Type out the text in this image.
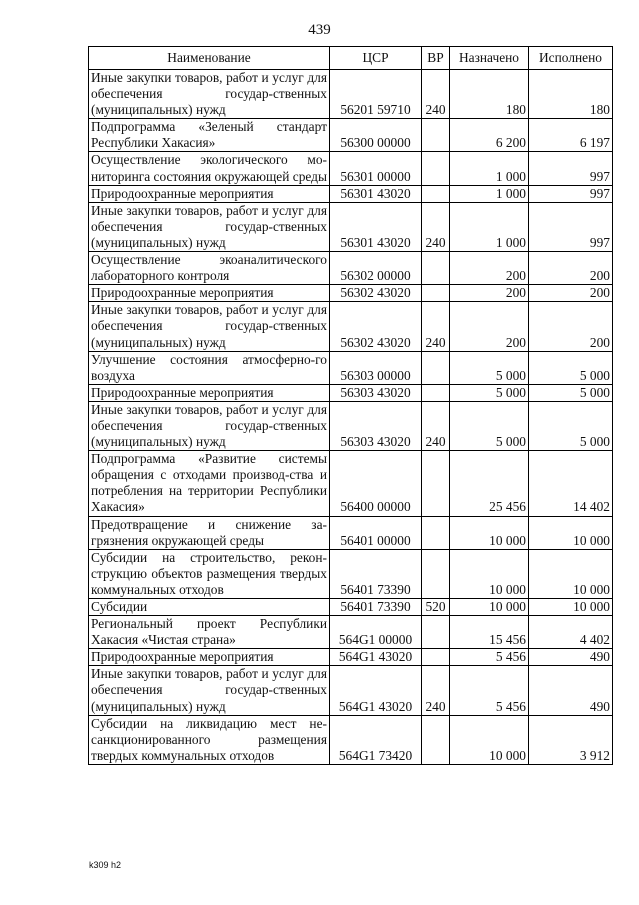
439
Наименование	ЦСР	ВР	Назначено	Исполнено
Иные закупки товаров, работ и услуг для обеспечения государ-ственных (муниципальных) нужд	56201 59710	240	180	180
Подпрограмма «Зеленый стандарт Республики Хакасия»	56300 00000		6 200	6 197
Осуществление экологического мо-ниторинга состояния окружающей среды	56301 00000		1 000	997
Природоохранные мероприятия	56301 43020		1 000	997
Иные закупки товаров, работ и услуг для обеспечения государ-ственных (муниципальных) нужд	56301 43020	240	1 000	997
Осуществление экоаналитического лабораторного контроля	56302 00000		200	200
Природоохранные мероприятия	56302 43020		200	200
Иные закупки товаров, работ и услуг для обеспечения государ-ственных (муниципальных) нужд	56302 43020	240	200	200
Улучшение состояния атмосферно-го воздуха	56303 00000		5 000	5 000
Природоохранные мероприятия	56303 43020		5 000	5 000
Иные закупки товаров, работ и услуг для обеспечения государ-ственных (муниципальных) нужд	56303 43020	240	5 000	5 000
Подпрограмма «Развитие системы обращения с отходами производ-ства и потребления на территории Республики Хакасия»	56400 00000		25 456	14 402
Предотвращение и снижение за-грязнения окружающей среды	56401 00000		10 000	10 000
Субсидии на строительство, рекон-струкцию объектов размещения твердых коммунальных отходов	56401 73390		10 000	10 000
Субсидии	56401 73390	520	10 000	10 000
Региональный проект Республики Хакасия «Чистая страна»	564G1 00000		15 456	4 402
Природоохранные мероприятия	564G1 43020		5 456	490
Иные закупки товаров, работ и услуг для обеспечения государ-ственных (муниципальных) нужд	564G1 43020	240	5 456	490
Субсидии на ликвидацию мест не-санкционированного размещения твердых коммунальных отходов	564G1 73420		10 000	3 912
k309 h2
